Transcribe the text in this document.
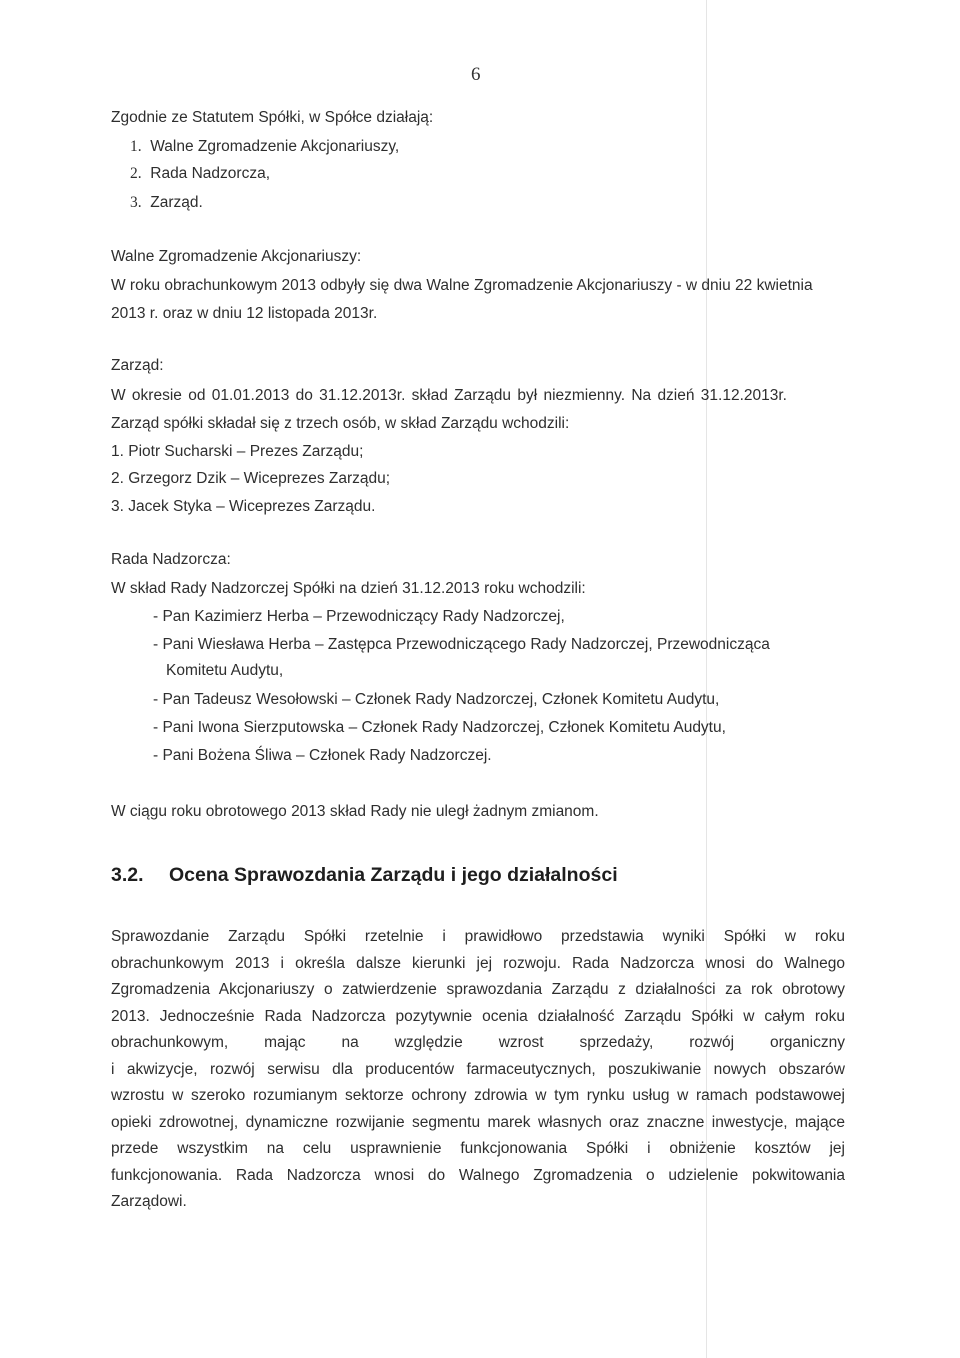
6
Zgodnie ze Statutem Spółki, w Spółce działają:
1. Walne Zgromadzenie Akcjonariuszy,
2. Rada Nadzorcza,
3. Zarząd.
Walne Zgromadzenie Akcjonariuszy:
W roku obrachunkowym 2013 odbyły się dwa Walne Zgromadzenie Akcjonariuszy - w dniu 22 kwietnia
2013 r. oraz w dniu 12 listopada 2013r.
Zarząd:
W okresie od 01.01.2013 do 31.12.2013r. skład Zarządu był niezmienny. Na dzień 31.12.2013r.
Zarząd spółki składał się z trzech osób, w skład Zarządu wchodzili:
1. Piotr Sucharski – Prezes Zarządu;
2. Grzegorz Dzik – Wiceprezes Zarządu;
3. Jacek Styka – Wiceprezes Zarządu.
Rada Nadzorcza:
W skład Rady Nadzorczej Spółki na dzień 31.12.2013 roku wchodzili:
- Pan Kazimierz Herba – Przewodniczący Rady Nadzorczej,
- Pani Wiesława Herba – Zastępca Przewodniczącego Rady Nadzorczej, Przewodnicząca
Komitetu Audytu,
- Pan Tadeusz Wesołowski – Członek Rady Nadzorczej, Członek Komitetu Audytu,
- Pani Iwona Sierzputowska – Członek Rady Nadzorczej, Członek Komitetu Audytu,
- Pani Bożena Śliwa – Członek Rady Nadzorczej.
W ciągu roku obrotowego 2013 skład Rady nie uległ żadnym zmianom.
3.2. Ocena Sprawozdania Zarządu i jego działalności
Sprawozdanie Zarządu Spółki rzetelnie i prawidłowo przedstawia wyniki Spółki w roku
obrachunkowym 2013 i określa dalsze kierunki jej rozwoju. Rada Nadzorcza wnosi do Walnego
Zgromadzenia Akcjonariuszy o zatwierdzenie sprawozdania Zarządu z działalności za rok obrotowy
2013. Jednocześnie Rada Nadzorcza pozytywnie ocenia działalność Zarządu Spółki w całym roku
obrachunkowym, mając na względzie wzrost sprzedaży, rozwój organiczny
i akwizycje, rozwój serwisu dla producentów farmaceutycznych, poszukiwanie nowych obszarów
wzrostu w szeroko rozumianym sektorze ochrony zdrowia w tym rynku usług w ramach podstawowej
opieki zdrowotnej, dynamiczne rozwijanie segmentu marek własnych oraz znaczne inwestycje, mające
przede wszystkim na celu usprawnienie funkcjonowania Spółki i obniżenie kosztów jej
funkcjonowania. Rada Nadzorcza wnosi do Walnego Zgromadzenia o udzielenie pokwitowania
Zarządowi.
